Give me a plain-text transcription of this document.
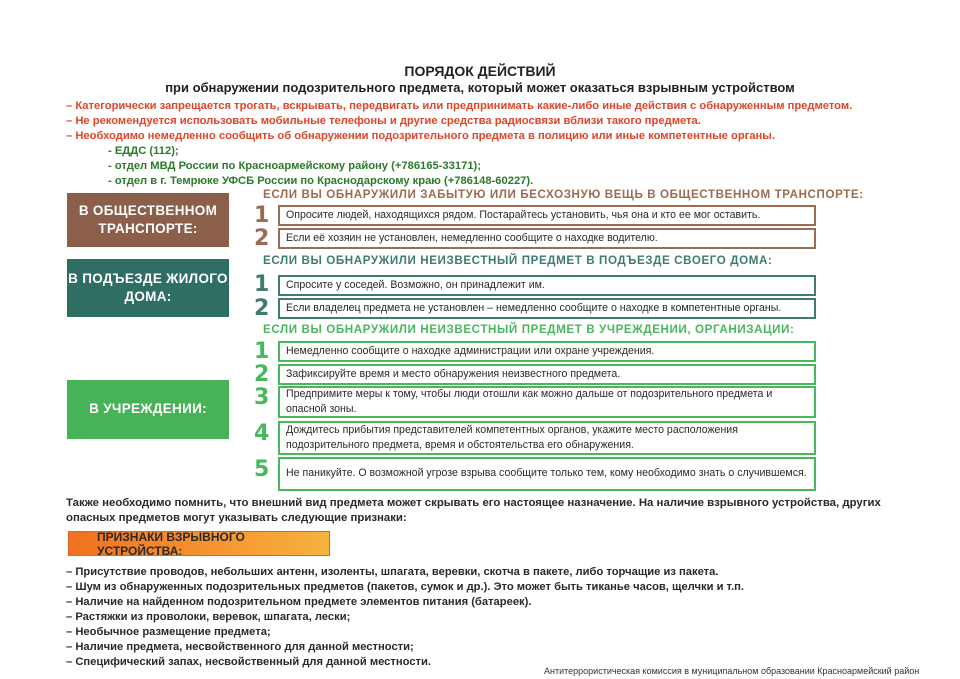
ПОРЯДОК ДЕЙСТВИЙ
при обнаружении подозрительного предмета, который может оказаться взрывным устройством
– Категорически запрещается трогать, вскрывать, передвигать или предпринимать какие-либо иные действия с обнаруженным предметом.
– Не рекомендуется использовать мобильные телефоны и другие средства радиосвязи вблизи такого предмета.
– Необходимо немедленно сообщить об обнаружении подозрительного предмета в полицию или иные компетентные органы.
- ЕДДС (112);
- отдел МВД России по Красноармейскому району (+786165-33171);
- отдел в г. Темрюке УФСБ России по Краснодарскому краю (+786148-60227).
В ОБЩЕСТВЕННОМ ТРАНСПОРТЕ:
В ПОДЪЕЗДЕ ЖИЛОГО ДОМА:
В УЧРЕЖДЕНИИ:
ЕСЛИ ВЫ ОБНАРУЖИЛИ ЗАБЫТУЮ ИЛИ БЕСХОЗНУЮ ВЕЩЬ В ОБЩЕСТВЕННОМ ТРАНСПОРТЕ:
1	Опросите людей, находящихся рядом. Постарайтесь установить, чья она и кто ее мог оставить.
2	Если её хозяин не установлен, немедленно сообщите о находке водителю.
ЕСЛИ ВЫ ОБНАРУЖИЛИ НЕИЗВЕСТНЫЙ ПРЕДМЕТ В ПОДЪЕЗДЕ СВОЕГО ДОМА:
1	Спросите у соседей. Возможно, он принадлежит им.
2	Если владелец предмета не установлен – немедленно сообщите о находке в компетентные органы.
ЕСЛИ ВЫ ОБНАРУЖИЛИ НЕИЗВЕСТНЫЙ ПРЕДМЕТ В УЧРЕЖДЕНИИ, ОРГАНИЗАЦИИ:
1	Немедленно сообщите о находке администрации или охране учреждения.
2	Зафиксируйте время и место обнаружения неизвестного предмета.
3	Предпримите меры к тому, чтобы люди отошли как можно дальше от подозрительного предмета и опасной зоны.
4	Дождитесь прибытия представителей компетентных органов, укажите место расположения подозрительного предмета, время и обстоятельства его обнаружения.
5	Не паникуйте. О возможной угрозе взрыва сообщите только тем, кому необходимо знать о случившемся.
Также необходимо помнить, что внешний вид предмета может скрывать его настоящее назначение. На наличие взрывного устройства, других
опасных предметов могут указывать следующие признаки:
ПРИЗНАКИ ВЗРЫВНОГО УСТРОЙСТВА:
– Присутствие проводов, небольших антенн, изоленты, шпагата, веревки, скотча в пакете, либо торчащие из пакета.
– Шум из обнаруженных подозрительных предметов (пакетов, сумок и др.). Это может быть тиканье часов, щелчки и т.п.
– Наличие на найденном подозрительном предмете элементов питания (батареек).
– Растяжки из проволоки, веревок, шпагата, лески;
– Необычное размещение предмета;
– Наличие предмета, несвойственного для данной местности;
– Специфический запах, несвойственный для данной местности.
Антитеррористическая комиссия в муниципальном образовании Красноармейский район
